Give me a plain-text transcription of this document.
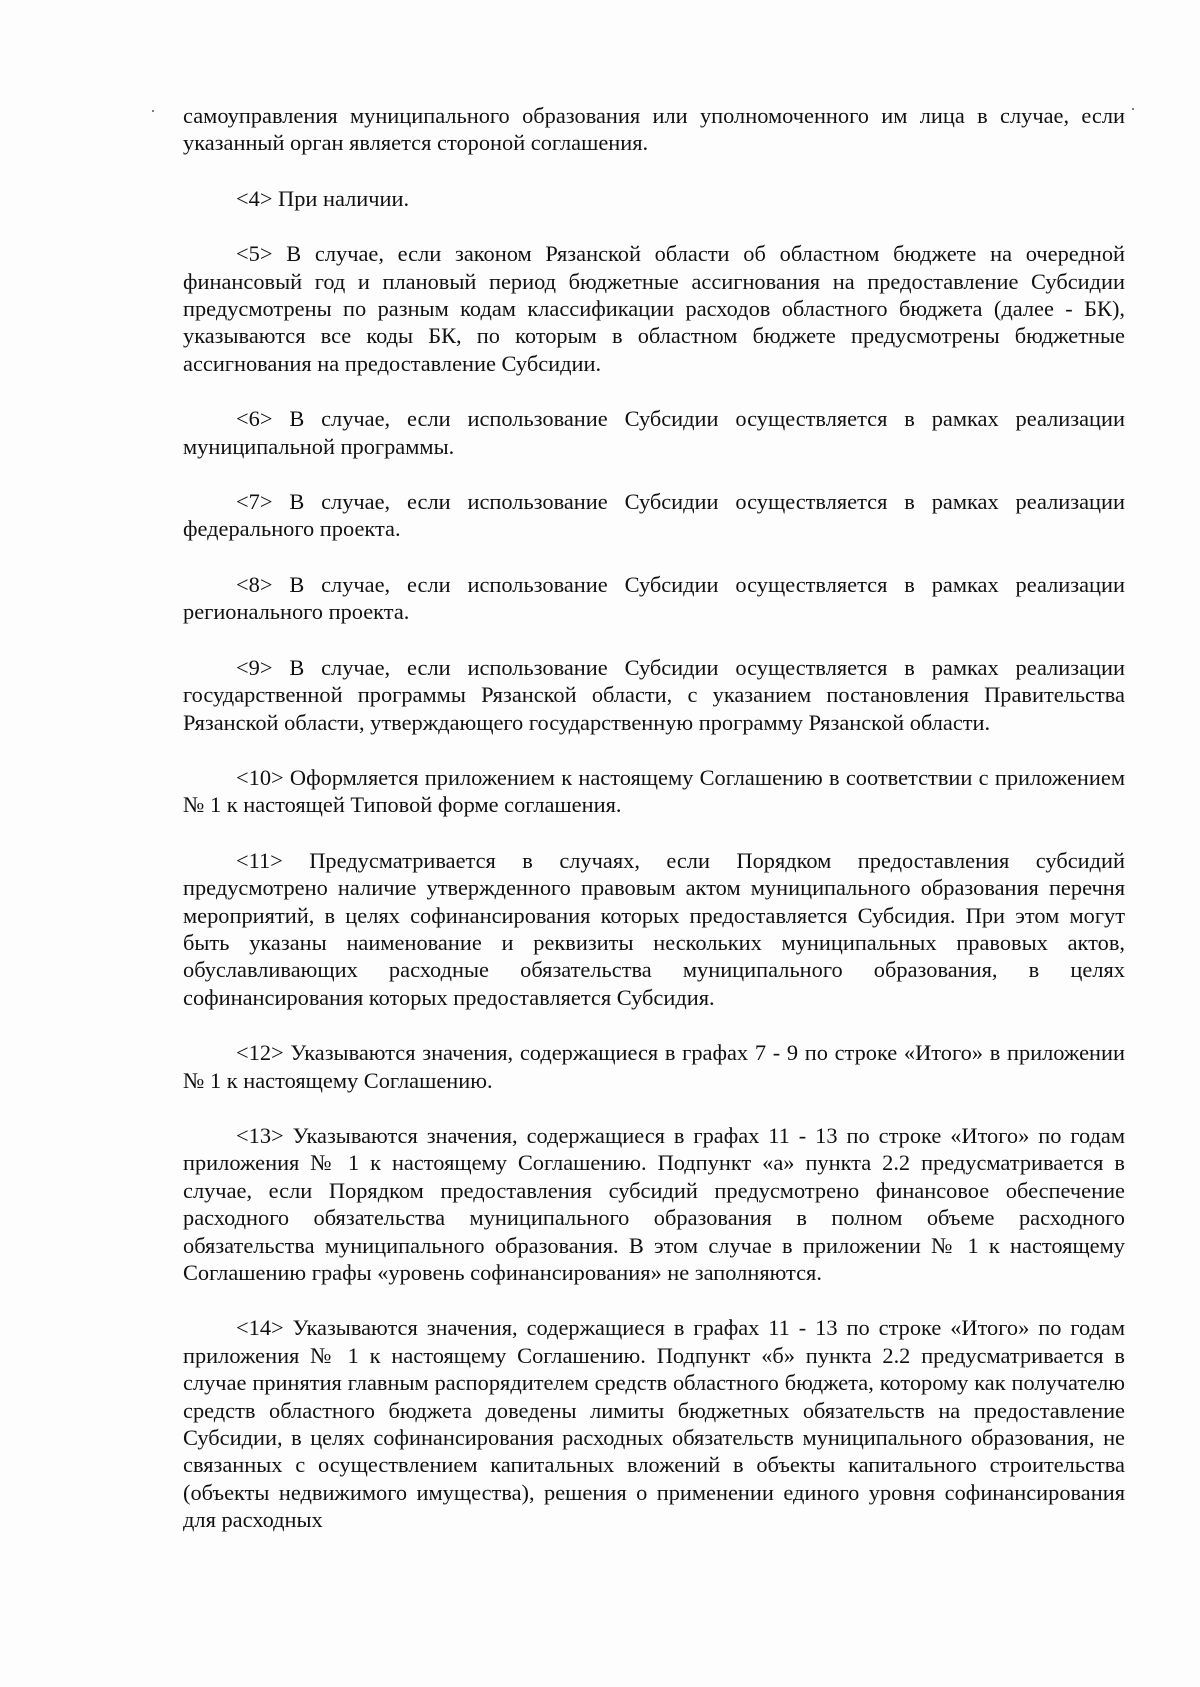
самоуправления муниципального образования или уполномоченного им лица в случае, если указанный орган является стороной соглашения.

<4> При наличии.

<5> В случае, если законом Рязанской области об областном бюджете на очередной финансовый год и плановый период бюджетные ассигнования на предоставление Субсидии предусмотрены по разным кодам классификации расходов областного бюджета (далее - БК), указываются все коды БК, по которым в областном бюджете предусмотрены бюджетные ассигнования на предоставление Субсидии.

<6> В случае, если использование Субсидии осуществляется в рамках реализации муниципальной программы.

<7> В случае, если использование Субсидии осуществляется в рамках реализации федерального проекта.

<8> В случае, если использование Субсидии осуществляется в рамках реализации регионального проекта.

<9> В случае, если использование Субсидии осуществляется в рамках реализации государственной программы Рязанской области, с указанием постановления Правительства Рязанской области, утверждающего государственную программу Рязанской области.

<10> Оформляется приложением к настоящему Соглашению в соответствии с приложением № 1 к настоящей Типовой форме соглашения.

<11> Предусматривается в случаях, если Порядком предоставления субсидий предусмотрено наличие утвержденного правовым актом муниципального образования перечня мероприятий, в целях софинансирования которых предоставляется Субсидия. При этом могут быть указаны наименование и реквизиты нескольких муниципальных правовых актов, обуславливающих расходные обязательства муниципального образования, в целях софинансирования которых предоставляется Субсидия.

<12> Указываются значения, содержащиеся в графах 7 - 9 по строке «Итого» в приложении № 1 к настоящему Соглашению.

<13> Указываются значения, содержащиеся в графах 11 - 13 по строке «Итого» по годам приложения № 1 к настоящему Соглашению. Подпункт «а» пункта 2.2 предусматривается в случае, если Порядком предоставления субсидий предусмотрено финансовое обеспечение расходного обязательства муниципального образования в полном объеме расходного обязательства муниципального образования. В этом случае в приложении № 1 к настоящему Соглашению графы «уровень софинансирования» не заполняются.

<14> Указываются значения, содержащиеся в графах 11 - 13 по строке «Итого» по годам приложения № 1 к настоящему Соглашению. Подпункт «б» пункта 2.2 предусматривается в случае принятия главным распорядителем средств областного бюджета, которому как получателю средств областного бюджета доведены лимиты бюджетных обязательств на предоставление Субсидии, в целях софинансирования расходных обязательств муниципального образования, не связанных с осуществлением капитальных вложений в объекты капитального строительства (объекты недвижимого имущества), решения о применении единого уровня софинансирования для расходных
